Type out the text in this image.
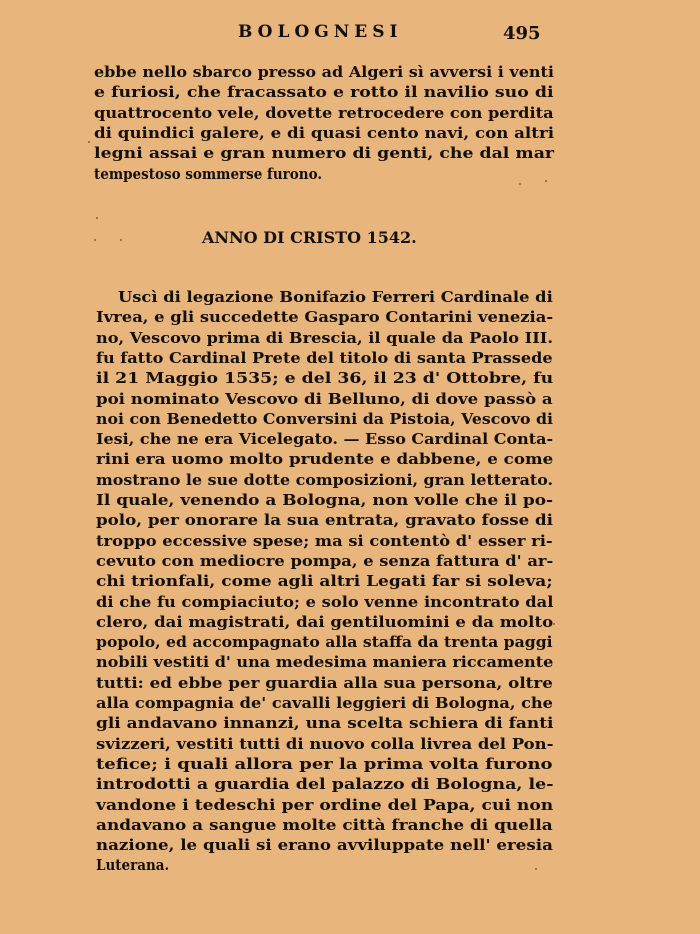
BOLOGNESI	495
ebbe nello sbarco presso ad Algeri sì avversi i venti
e furiosi, che fracassato e rotto il navilio suo di
quattrocento vele, dovette retrocedere con perdita
di quindici galere, e di quasi cento navi, con altri
legni assai e gran numero di genti, che dal mar
tempestoso sommerse furono.
ANNO DI CRISTO 1542.
Uscì di legazione Bonifazio Ferreri Cardinale di
Ivrea, e gli succedette Gasparo Contarini venezia-
no, Vescovo prima di Brescia, il quale da Paolo III.
fu fatto Cardinal Prete del titolo di santa Prassede
il 21 Maggio 1535; e del 36, il 23 d' Ottobre, fu
poi nominato Vescovo di Belluno, di dove passò a
noi con Benedetto Conversini da Pistoia, Vescovo di
Iesi, che ne era Vicelegato. — Esso Cardinal Conta-
rini era uomo molto prudente e dabbene, e come
mostrano le sue dotte composizioni, gran letterato.
Il quale, venendo a Bologna, non volle che il po-
polo, per onorare la sua entrata, gravato fosse di
troppo eccessive spese; ma si contentò d' esser ri-
cevuto con mediocre pompa, e senza fattura d' ar-
chi trionfali, come agli altri Legati far si soleva;
di che fu compiaciuto; e solo venne incontrato dal
clero, dai magistrati, dai gentiluomini e da molto
popolo, ed accompagnato alla staffa da trenta paggi
nobili vestiti d' una medesima maniera riccamente
tutti: ed ebbe per guardia alla sua persona, oltre
alla compagnia de' cavalli leggieri di Bologna, che
gli andavano innanzi, una scelta schiera di fanti
svizzeri, vestiti tutti di nuovo colla livrea del Pon-
tefice; i quali allora per la prima volta furono
introdotti a guardia del palazzo di Bologna, le-
vandone i tedeschi per ordine del Papa, cui non
andavano a sangue molte città franche di quella
nazione, le quali si erano avviluppate nell' eresia
Luterana.
